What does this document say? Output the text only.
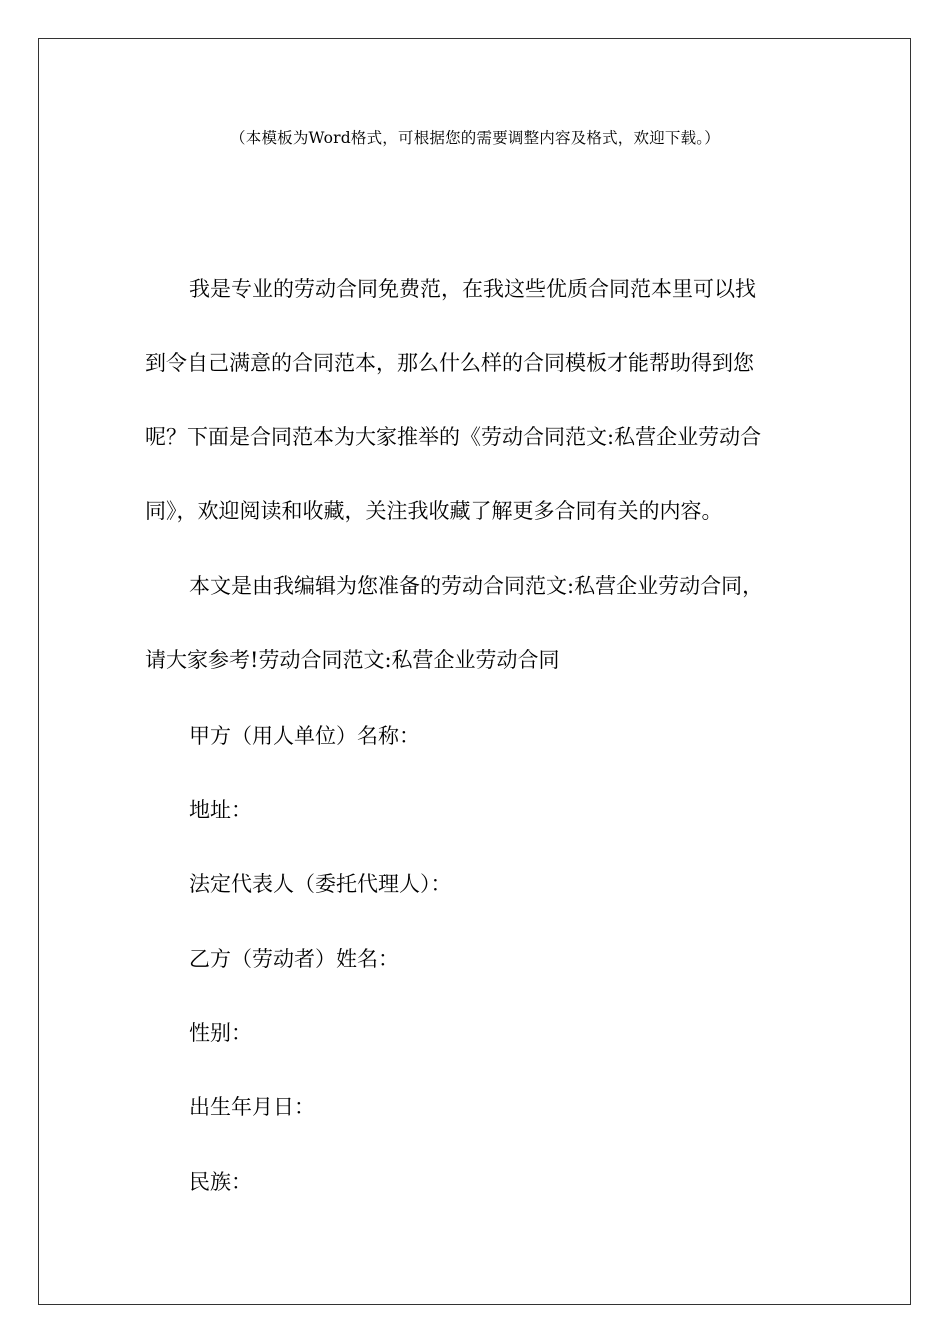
（本模板为Word格式，可根据您的需要调整内容及格式，欢迎下载。）
我是专业的劳动合同免费范，在我这些优质合同范本里可以找
到令自己满意的合同范本，那么什么样的合同模板才能帮助得到您
呢？下面是合同范本为大家推举的《劳动合同范文:私营企业劳动合
同》，欢迎阅读和收藏，关注我收藏了解更多合同有关的内容。
本文是由我编辑为您准备的劳动合同范文:私营企业劳动合同，
请大家参考!劳动合同范文:私营企业劳动合同
甲方（用人单位）名称：
地址：
法定代表人（委托代理人）：
乙方（劳动者）姓名：
性别：
出生年月日：
民族：
